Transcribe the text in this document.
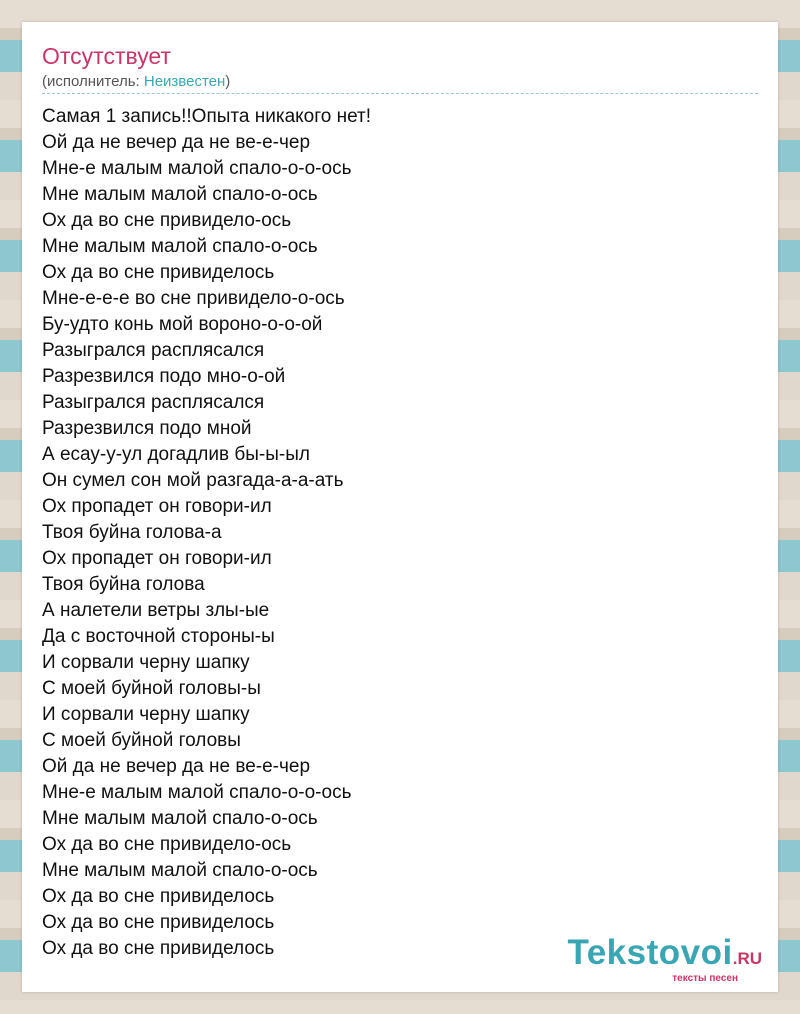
Отсутствует
(исполнитель: Неизвестен)
Самая 1 запись!!Опыта никакого нет!
Ой да не вечер да не ве-е-чер
Мне-е малым малой спало-о-о-ось
Мне малым малой спало-о-ось
Ох да во сне привидело-ось
Мне малым малой спало-о-ось
Ох да во сне привиделось
Мне-е-е-е во сне привидело-о-ось
Бу-удто конь мой вороно-о-о-ой
Разыгрался расплясался
Разрезвился подо мно-о-ой
Разыгрался расплясался
Разрезвился подо мной
А есау-у-ул догадлив бы-ы-ыл
Он сумел сон мой разгада-а-а-ать
Ох пропадет он говори-ил
Твоя буйна голова-а
Ох пропадет он говори-ил
Твоя буйна голова
А налетели ветры злы-ые
Да с восточной стороны-ы
И сорвали черну шапку
С моей буйной головы-ы
И сорвали черну шапку
С моей буйной головы
Ой да не вечер да не ве-е-чер
Мне-е малым малой спало-о-о-ось
Мне малым малой спало-о-ось
Ох да во сне привидело-ось
Мне малым малой спало-о-ось
Ох да во сне привиделось
Ох да во сне привиделось
Ох да во сне привиделось	Tekstovoi.RU
тексты песен
